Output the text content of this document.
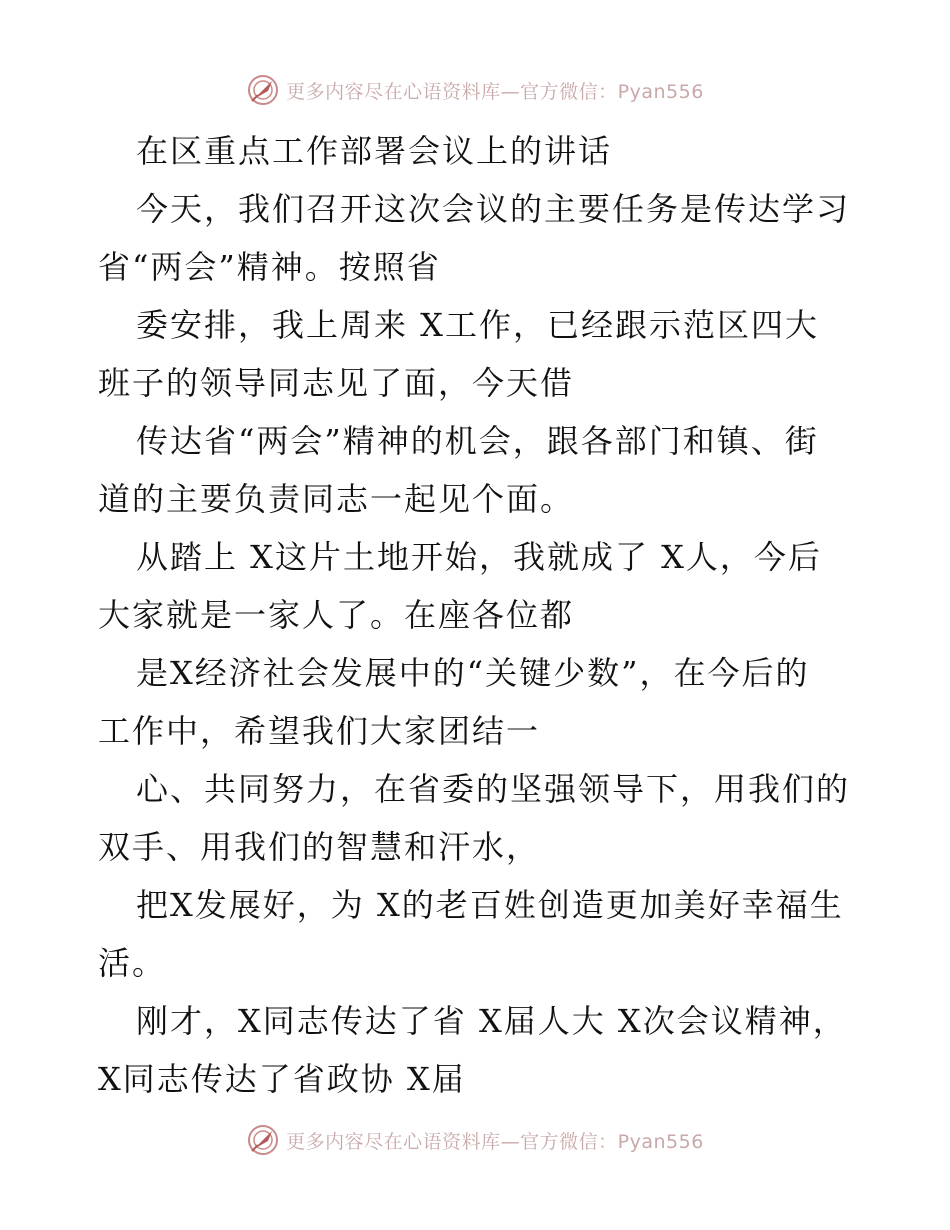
更多内容尽在心语资料库—官方微信：Pyan556
在区重点工作部署会议上的讲话
今天，我们召开这次会议的主要任务是传达学习
省“两会”精神。按照省
委安排，我上周来 X工作，已经跟示范区四大
班子的领导同志见了面，今天借
传达省“两会”精神的机会，跟各部门和镇、街
道的主要负责同志一起见个面。
从踏上 X这片土地开始，我就成了 X人，今后
大家就是一家人了。在座各位都
是X经济社会发展中的“关键少数”，在今后的
工作中，希望我们大家团结一
心、共同努力，在省委的坚强领导下，用我们的
双手、用我们的智慧和汗水，
把X发展好，为 X的老百姓创造更加美好幸福生
活。
刚才，X同志传达了省 X届人大 X次会议精神，
X同志传达了省政协 X届
更多内容尽在心语资料库—官方微信：Pyan556
